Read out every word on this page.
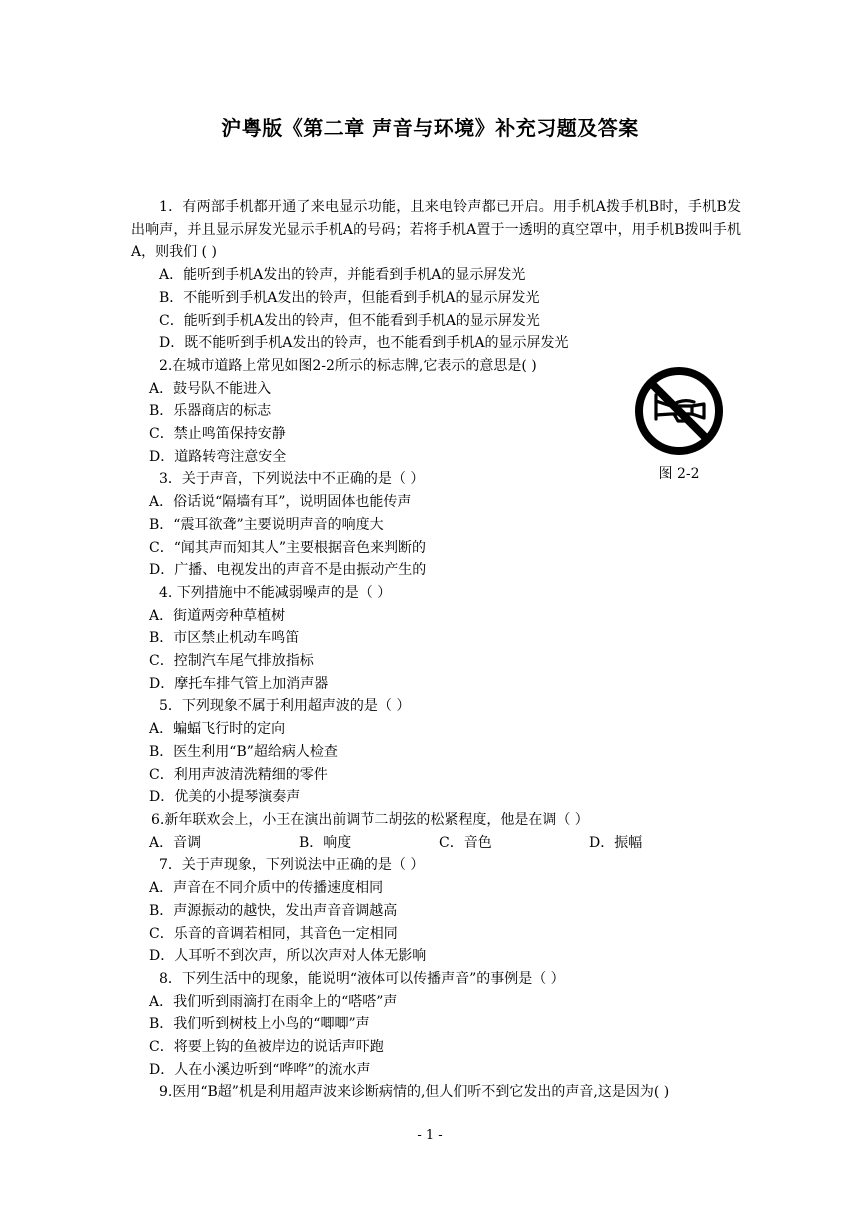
沪粤版《第二章 声音与环境》补充习题及答案

1．有两部手机都开通了来电显示功能，且来电铃声都已开启。用手机A拨手机B时，手机B发出响声，并且显示屏发光显示手机A的号码；若将手机A置于一透明的真空罩中，用手机B拨叫手机A，则我们 ( )

A．能听到手机A发出的铃声，并能看到手机A的显示屏发光

B．不能听到手机A发出的铃声，但能看到手机A的显示屏发光

C．能听到手机A发出的铃声，但不能看到手机A的显示屏发光

D．既不能听到手机A发出的铃声，也不能看到手机A的显示屏发光

2.在城市道路上常见如图2-2所示的标志牌,它表示的意思是( )

A．鼓号队不能进入

B．乐器商店的标志

C．禁止鸣笛保持安静

D．道路转弯注意安全

3．关于声音，下列说法中不正确的是（ ）

A．俗话说“隔墙有耳”，说明固体也能传声

B．“震耳欲聋”主要说明声音的响度大

C．“闻其声而知其人”主要根据音色来判断的

D．广播、电视发出的声音不是由振动产生的

4. 下列措施中不能减弱噪声的是（ ）

A．街道两旁种草植树

B．市区禁止机动车鸣笛

C．控制汽车尾气排放指标

D．摩托车排气管上加消声器

5．下列现象不属于利用超声波的是（ ）

A．蝙蝠飞行时的定向

B．医生利用“B”超给病人检查

C．利用声波清洗精细的零件

D．优美的小提琴演奏声

6.新年联欢会上，小王在演出前调节二胡弦的松紧程度，他是在调（ ）

A．音调	B．响度	C．音色	D．振幅

7．关于声现象，下列说法中正确的是（ ）

A．声音在不同介质中的传播速度相同

B．声源振动的越快，发出声音音调越高

C．乐音的音调若相同，其音色一定相同

D．人耳听不到次声，所以次声对人体无影响

8．下列生活中的现象，能说明“液体可以传播声音”的事例是（ ）

A．我们听到雨滴打在雨伞上的“嗒嗒”声

B．我们听到树枝上小鸟的“唧唧”声

C．将要上钩的鱼被岸边的说话声吓跑

D．人在小溪边听到“哗哗”的流水声

9.医用“B超”机是利用超声波来诊断病情的,但人们听不到它发出的声音,这是因为( )

图 2-2
- 1 -
